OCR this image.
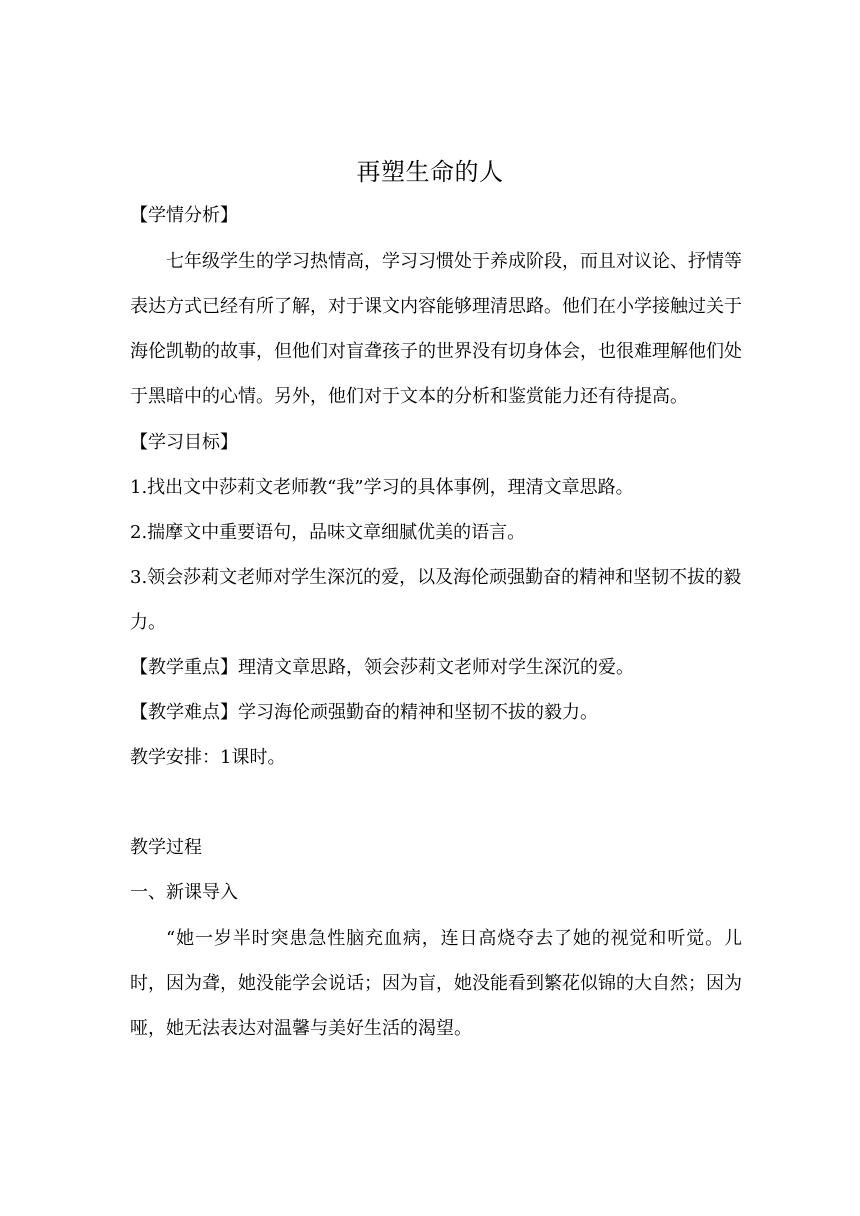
再塑生命的人

【学情分析】

七年级学生的学习热情高，学习习惯处于养成阶段，而且对议论、抒情等表达方式已经有所了解，对于课文内容能够理清思路。他们在小学接触过关于海伦凯勒的故事，但他们对盲聋孩子的世界没有切身体会，也很难理解他们处于黑暗中的心情。另外，他们对于文本的分析和鉴赏能力还有待提高。

【学习目标】

1.找出文中莎莉文老师教“我”学习的具体事例，理清文章思路。

2.揣摩文中重要语句，品味文章细腻优美的语言。

3.领会莎莉文老师对学生深沉的爱，以及海伦顽强勤奋的精神和坚韧不拔的毅力。

【教学重点】理清文章思路，领会莎莉文老师对学生深沉的爱。

【教学难点】学习海伦顽强勤奋的精神和坚韧不拔的毅力。

教学安排：1课时。

教学过程

一、新课导入

“她一岁半时突患急性脑充血病，连日高烧夺去了她的视觉和听觉。儿时，因为聋，她没能学会说话；因为盲，她没能看到繁花似锦的大自然；因为哑，她无法表达对温馨与美好生活的渴望。
